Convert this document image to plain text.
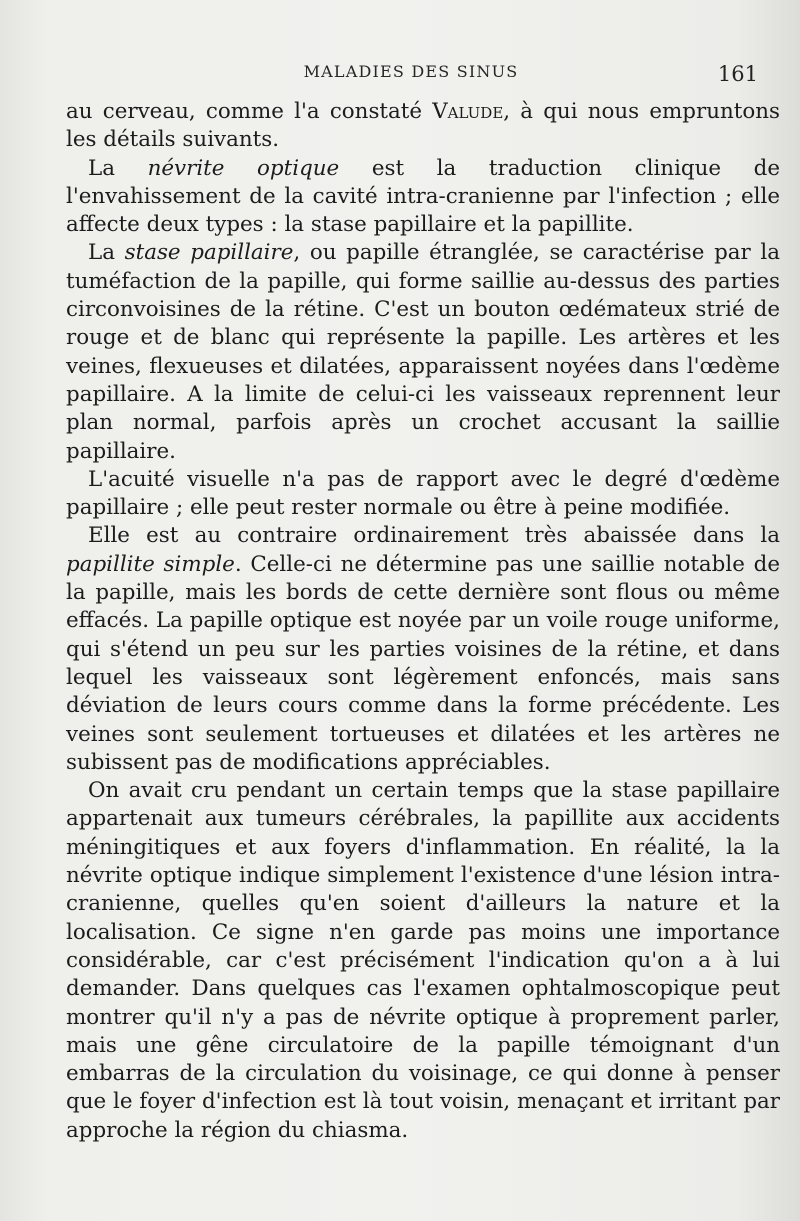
MALADIES DES SINUS	161

au cerveau, comme l'a constaté Valude, à qui nous empruntons les détails suivants.

La névrite optique est la traduction clinique de l'envahissement de la cavité intra-cranienne par l'infection ; elle affecte deux types : la stase papillaire et la papillite.

La stase papillaire, ou papille étranglée, se caractérise par la tuméfaction de la papille, qui forme saillie au-dessus des parties circonvoisines de la rétine. C'est un bouton œdémateux strié de rouge et de blanc qui représente la papille. Les artères et les veines, flexueuses et dilatées, apparaissent noyées dans l'œdème papillaire. A la limite de celui-ci les vaisseaux reprennent leur plan normal, parfois après un crochet accusant la saillie papillaire.

L'acuité visuelle n'a pas de rapport avec le degré d'œdème papillaire ; elle peut rester normale ou être à peine modifiée.

Elle est au contraire ordinairement très abaissée dans la papillite simple. Celle-ci ne détermine pas une saillie notable de la papille, mais les bords de cette dernière sont flous ou même effacés. La papille optique est noyée par un voile rouge uniforme, qui s'étend un peu sur les parties voisines de la rétine, et dans lequel les vaisseaux sont légèrement enfoncés, mais sans déviation de leurs cours comme dans la forme précédente. Les veines sont seulement tortueuses et dilatées et les artères ne subissent pas de modifications appréciables.

On avait cru pendant un certain temps que la stase papillaire appartenait aux tumeurs cérébrales, la papillite aux accidents méningitiques et aux foyers d'inflammation. En réalité, la la névrite optique indique simplement l'existence d'une lésion intra-cranienne, quelles qu'en soient d'ailleurs la nature et la localisation. Ce signe n'en garde pas moins une importance considérable, car c'est précisément l'indication qu'on a à lui demander. Dans quelques cas l'examen ophtalmoscopique peut montrer qu'il n'y a pas de névrite optique à proprement parler, mais une gêne circulatoire de la papille témoignant d'un embarras de la circulation du voisinage, ce qui donne à penser que le foyer d'infection est là tout voisin, menaçant et irritant par approche la région du chiasma.
